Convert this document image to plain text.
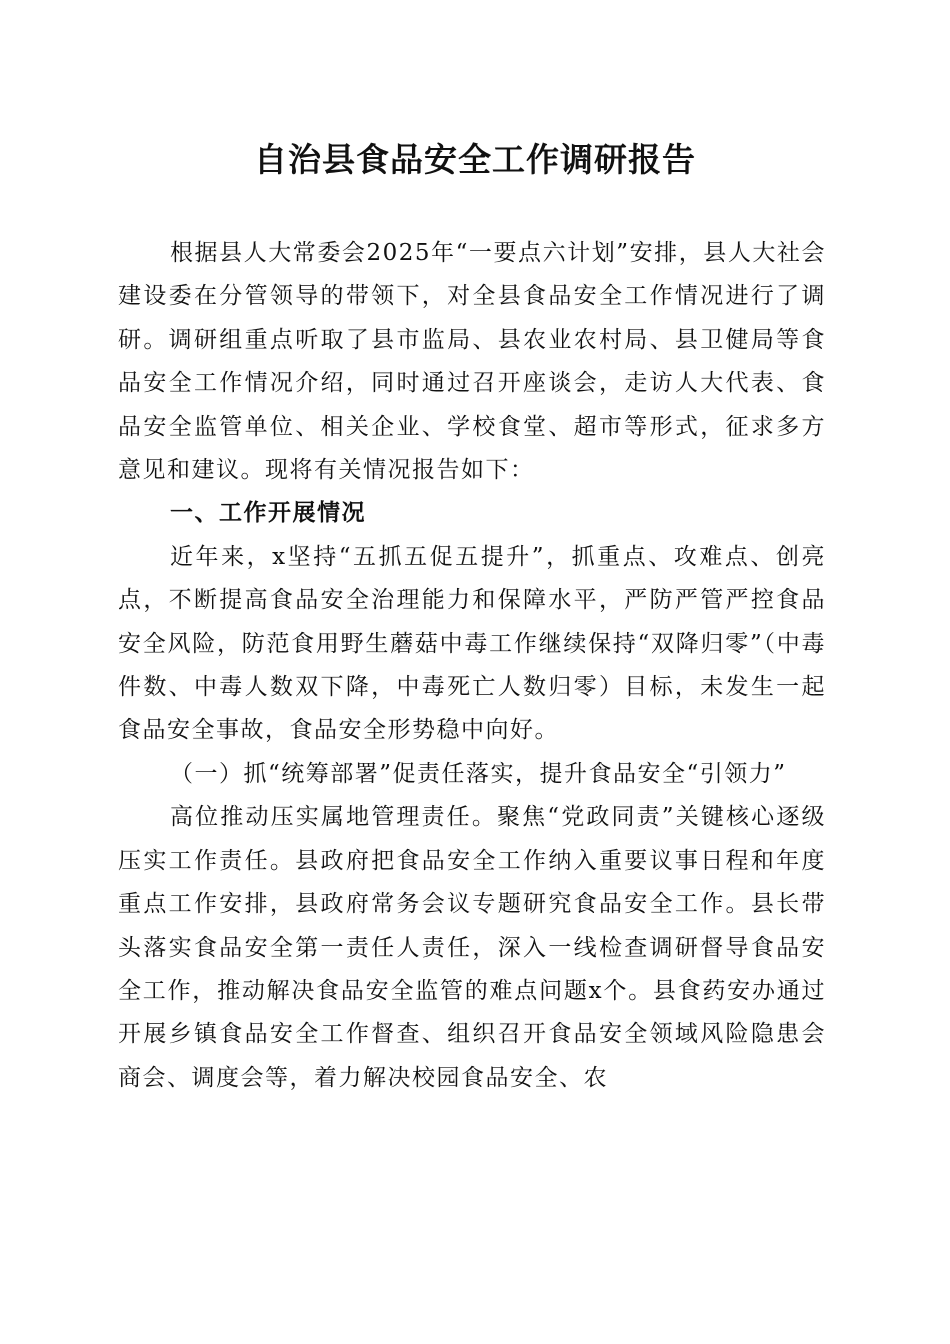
自治县食品安全工作调研报告

根据县人大常委会2025年“一要点六计划”安排，县人大社会建设委在分管领导的带领下，对全县食品安全工作情况进行了调研。调研组重点听取了县市监局、县农业农村局、县卫健局等食品安全工作情况介绍，同时通过召开座谈会，走访人大代表、食品安全监管单位、相关企业、学校食堂、超市等形式，征求多方意见和建议。现将有关情况报告如下：

一、工作开展情况

近年来，x坚持“五抓五促五提升”，抓重点、攻难点、创亮点，不断提高食品安全治理能力和保障水平，严防严管严控食品安全风险，防范食用野生蘑菇中毒工作继续保持“双降归零”（中毒件数、中毒人数双下降，中毒死亡人数归零）目标，未发生一起食品安全事故，食品安全形势稳中向好。

（一）抓“统筹部署”促责任落实，提升食品安全“引领力”

高位推动压实属地管理责任。聚焦“党政同责”关键核心逐级压实工作责任。县政府把食品安全工作纳入重要议事日程和年度重点工作安排，县政府常务会议专题研究食品安全工作。县长带头落实食品安全第一责任人责任，深入一线检查调研督导食品安全工作，推动解决食品安全监管的难点问题x个。县食药安办通过开展乡镇食品安全工作督查、组织召开食品安全领域风险隐患会商会、调度会等，着力解决校园食品安全、农
